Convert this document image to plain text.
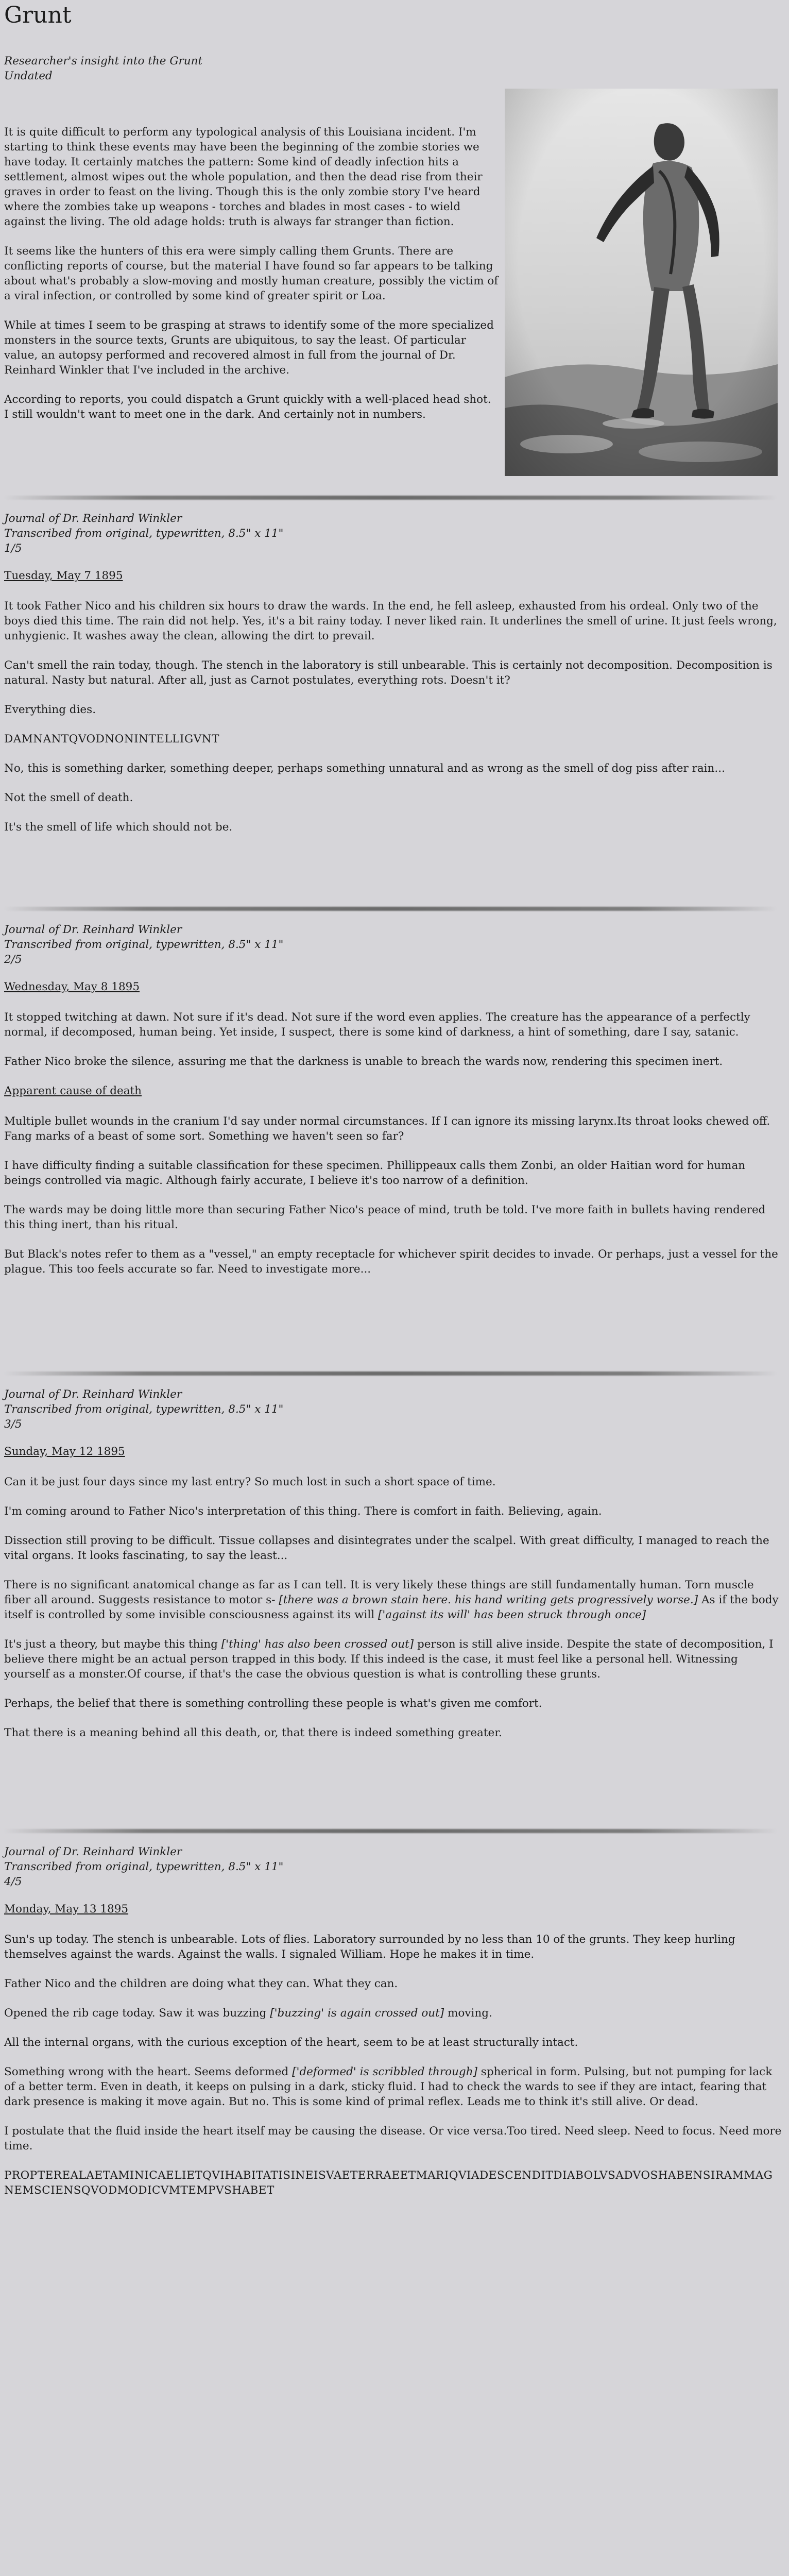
Grunt

Researcher's insight into the Grunt
Undated

It is quite difficult to perform any typological analysis of this Louisiana incident. I'm starting to think these events may have been the beginning of the zombie stories we have today. It certainly matches the pattern: Some kind of deadly infection hits a settlement, almost wipes out the whole population, and then the dead rise from their graves in order to feast on the living. Though this is the only zombie story I've heard where the zombies take up weapons - torches and blades in most cases - to wield against the living. The old adage holds: truth is always far stranger than fiction.

It seems like the hunters of this era were simply calling them Grunts. There are conflicting reports of course, but the material I have found so far appears to be talking about what's probably a slow-moving and mostly human creature, possibly the victim of a viral infection, or controlled by some kind of greater spirit or Loa.

While at times I seem to be grasping at straws to identify some of the more specialized monsters in the source texts, Grunts are ubiquitous, to say the least. Of particular value, an autopsy performed and recovered almost in full from the journal of Dr. Reinhard Winkler that I've included in the archive.

According to reports, you could dispatch a Grunt quickly with a well-placed head shot. I still wouldn't want to meet one in the dark. And certainly not in numbers.

Journal of Dr. Reinhard Winkler
Transcribed from original, typewritten, 8.5" x 11"
1/5

Tuesday, May 7 1895

It took Father Nico and his children six hours to draw the wards. In the end, he fell asleep, exhausted from his ordeal. Only two of the boys died this time. The rain did not help. Yes, it's a bit rainy today. I never liked rain. It underlines the smell of urine. It just feels wrong, unhygienic. It washes away the clean, allowing the dirt to prevail.

Can't smell the rain today, though. The stench in the laboratory is still unbearable. This is certainly not decomposition. Decomposition is natural. Nasty but natural. After all, just as Carnot postulates, everything rots. Doesn't it?

Everything dies.

DAMNANTQVODNONINTELLIGVNT

No, this is something darker, something deeper, perhaps something unnatural and as wrong as the smell of dog piss after rain...

Not the smell of death.

It's the smell of life which should not be.

Journal of Dr. Reinhard Winkler
Transcribed from original, typewritten, 8.5" x 11"
2/5

Wednesday, May 8 1895

It stopped twitching at dawn. Not sure if it's dead. Not sure if the word even applies. The creature has the appearance of a perfectly normal, if decomposed, human being. Yet inside, I suspect, there is some kind of darkness, a hint of something, dare I say, satanic.

Father Nico broke the silence, assuring me that the darkness is unable to breach the wards now, rendering this specimen inert.

Apparent cause of death

Multiple bullet wounds in the cranium I'd say under normal circumstances. If I can ignore its missing larynx.Its throat looks chewed off. Fang marks of a beast of some sort. Something we haven't seen so far?

I have difficulty finding a suitable classification for these specimen. Phillippeaux calls them Zonbi, an older Haitian word for human beings controlled via magic. Although fairly accurate, I believe it's too narrow of a definition.

The wards may be doing little more than securing Father Nico's peace of mind, truth be told. I've more faith in bullets having rendered this thing inert, than his ritual.

But Black's notes refer to them as a "vessel," an empty receptacle for whichever spirit decides to invade. Or perhaps, just a vessel for the plague. This too feels accurate so far. Need to investigate more...

Journal of Dr. Reinhard Winkler
Transcribed from original, typewritten, 8.5" x 11"
3/5

Sunday, May 12 1895

Can it be just four days since my last entry? So much lost in such a short space of time.

I'm coming around to Father Nico's interpretation of this thing. There is comfort in faith. Believing, again.

Dissection still proving to be difficult. Tissue collapses and disintegrates under the scalpel. With great difficulty, I managed to reach the vital organs. It looks fascinating, to say the least...

There is no significant anatomical change as far as I can tell. It is very likely these things are still fundamentally human. Torn muscle fiber all around. Suggests resistance to motor s- [there was a brown stain here. his hand writing gets progressively worse.] As if the body itself is controlled by some invisible consciousness against its will ['against its will' has been struck through once]

It's just a theory, but maybe this thing ['thing' has also been crossed out] person is still alive inside. Despite the state of decomposition, I believe there might be an actual person trapped in this body. If this indeed is the case, it must feel like a personal hell. Witnessing yourself as a monster.Of course, if that's the case the obvious question is what is controlling these grunts.

Perhaps, the belief that there is something controlling these people is what's given me comfort.

That there is a meaning behind all this death, or, that there is indeed something greater.

Journal of Dr. Reinhard Winkler
Transcribed from original, typewritten, 8.5" x 11"
4/5

Monday, May 13 1895

Sun's up today. The stench is unbearable. Lots of flies. Laboratory surrounded by no less than 10 of the grunts. They keep hurling themselves against the wards. Against the walls. I signaled William. Hope he makes it in time.

Father Nico and the children are doing what they can. What they can.

Opened the rib cage today. Saw it was buzzing ['buzzing' is again crossed out] moving.

All the internal organs, with the curious exception of the heart, seem to be at least structurally intact.

Something wrong with the heart. Seems deformed ['deformed' is scribbled through] spherical in form. Pulsing, but not pumping for lack of a better term. Even in death, it keeps on pulsing in a dark, sticky fluid. I had to check the wards to see if they are intact, fearing that dark presence is making it move again. But no. This is some kind of primal reflex. Leads me to think it's still alive. Or dead.

I postulate that the fluid inside the heart itself may be causing the disease. Or vice versa.Too tired. Need sleep. Need to focus. Need more time.

PROPTEREALAETAMINICAELIETQVIHABITATISINEISVAETERRAEETMARIQVIADESCENDITDIABOLVSADVOSHABENSIRAMMAGNEMSCIENSQVODMODICVMTEMPVSHABET
